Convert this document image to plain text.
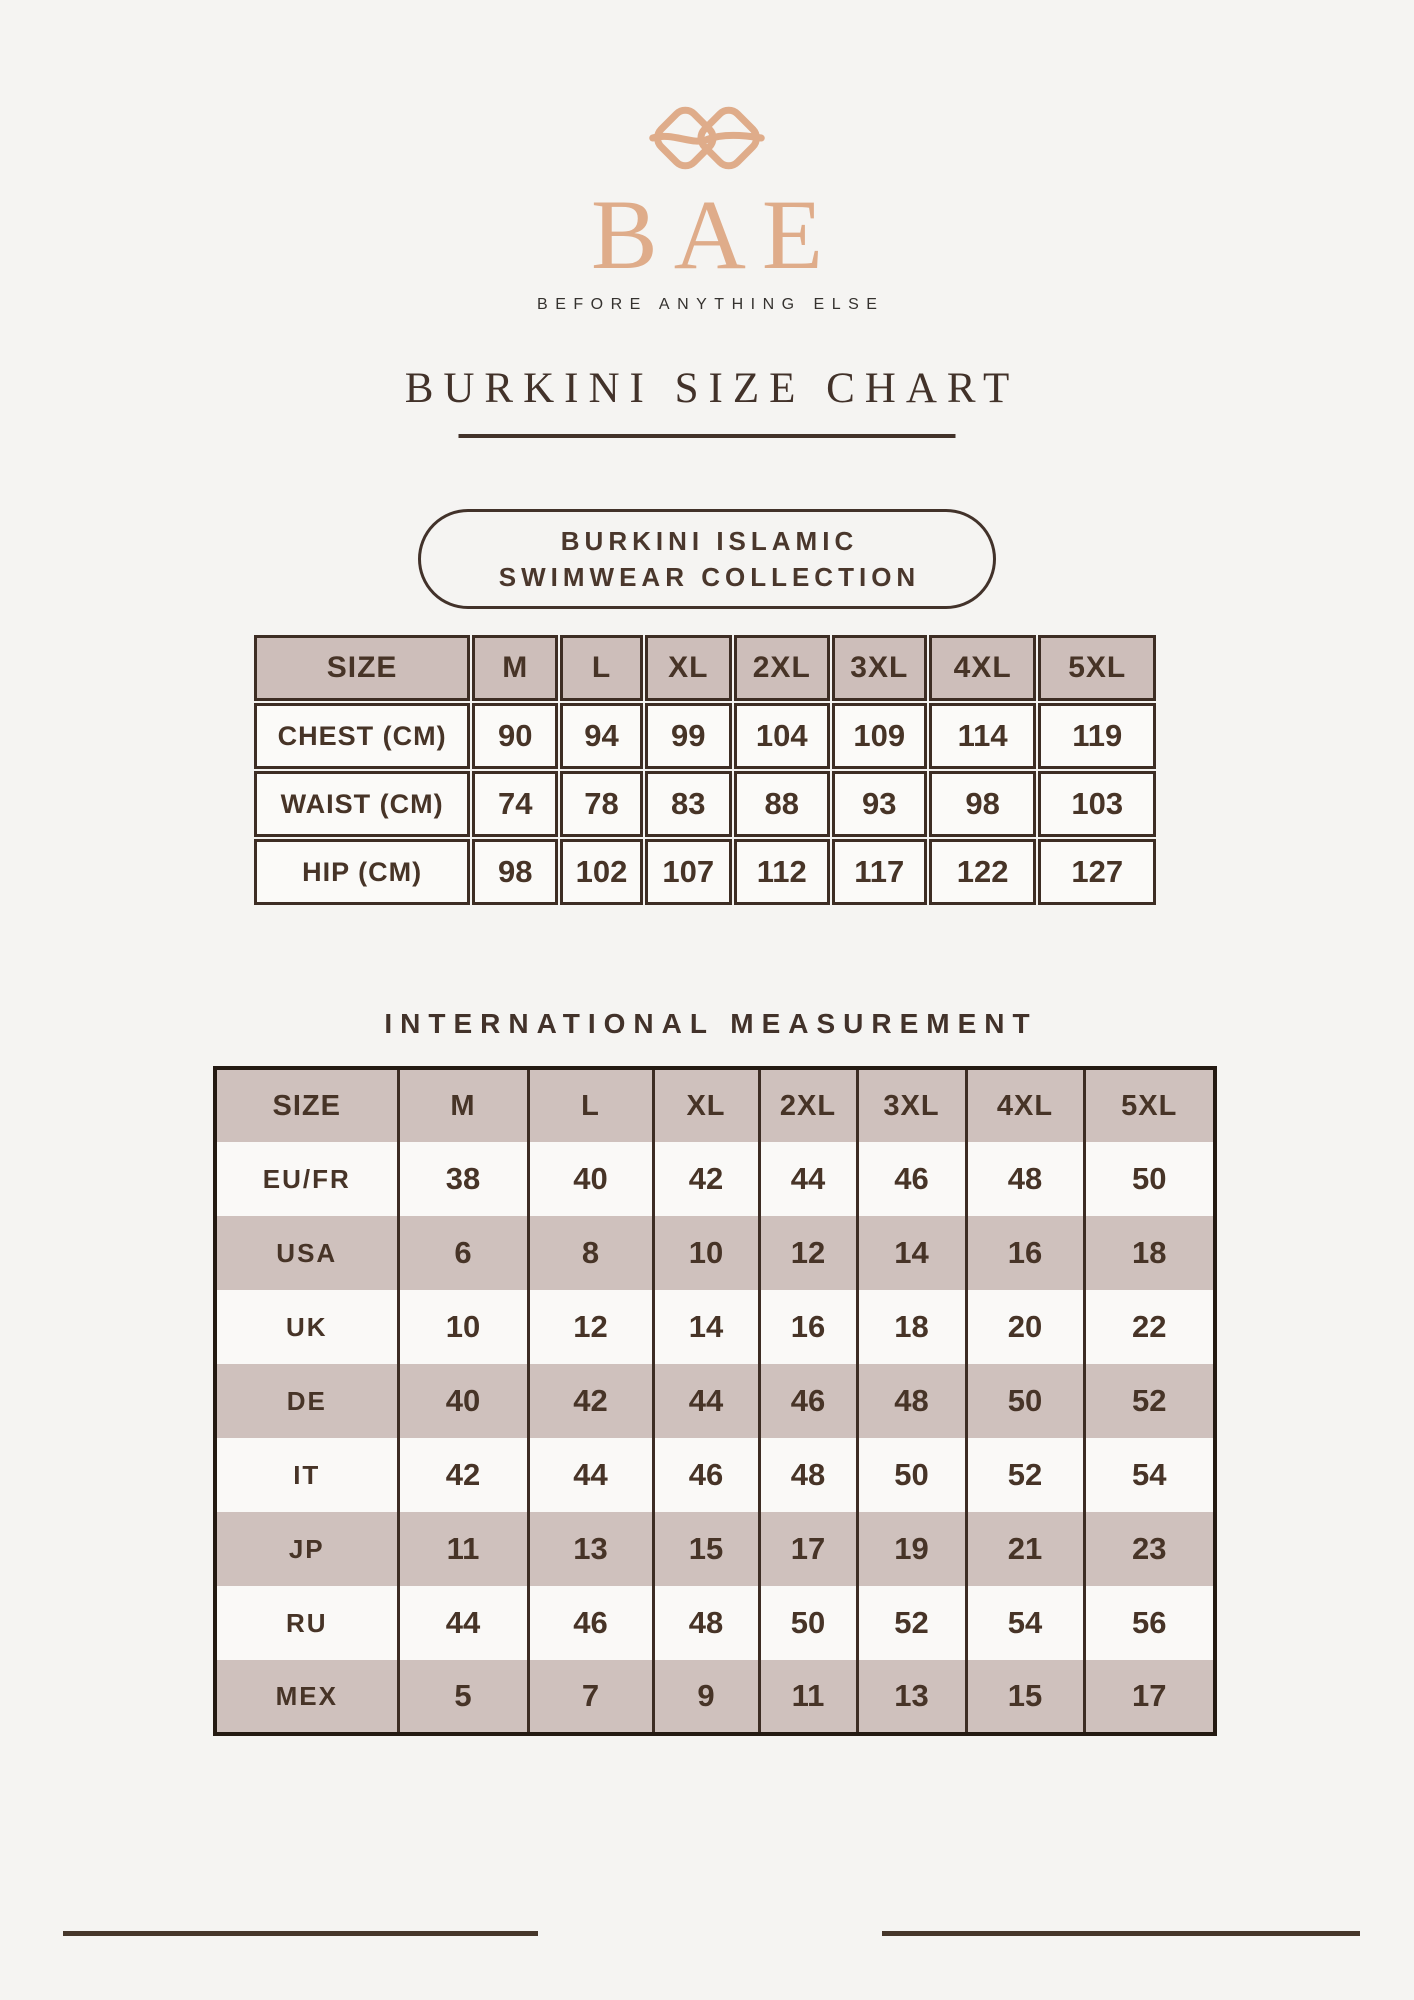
BAE
BEFORE ANYTHING ELSE
BURKINI SIZE CHART
BURKINI ISLAMIC
SWIMWEAR COLLECTION
SIZE	M	L	XL	2XL	3XL	4XL	5XL
CHEST (CM)	90	94	99	104	109	114	119
WAIST (CM)	74	78	83	88	93	98	103
HIP (CM)	98	102	107	112	117	122	127
INTERNATIONAL MEASUREMENT
SIZE	M	L	XL	2XL	3XL	4XL	5XL
EU/FR	38	40	42	44	46	48	50
USA	6	8	10	12	14	16	18
UK	10	12	14	16	18	20	22
DE	40	42	44	46	48	50	52
IT	42	44	46	48	50	52	54
JP	11	13	15	17	19	21	23
RU	44	46	48	50	52	54	56
MEX	5	7	9	11	13	15	17
